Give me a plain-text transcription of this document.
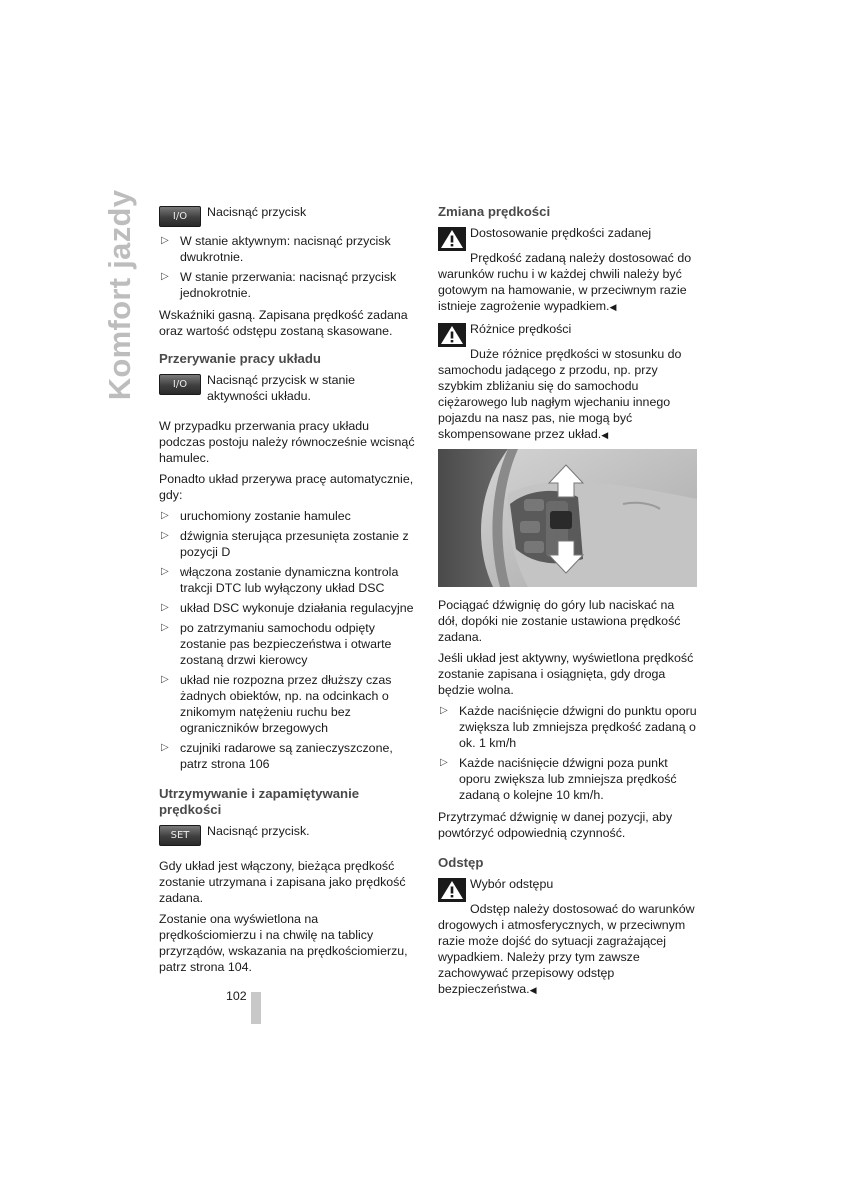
Komfort jazdy	I/O	Nacisnąć przycisk
▷ W stanie aktywnym: nacisnąć przycisk dwukrotnie.
▷ W stanie przerwania: nacisnąć przycisk jednokrotnie.

Wskaźniki gasną. Zapisana prędkość zadana oraz wartość odstępu zostaną skasowane.

Przerywanie pracy układu
I/O	Nacisnąć przycisk w stanie aktywności układu.

W przypadku przerwania pracy układu podczas postoju należy równocześnie wcisnąć hamulec.

Ponadto układ przerywa pracę automatycznie, gdy:

▷ uruchomiony zostanie hamulec
▷ dźwignia sterująca przesunięta zostanie z pozycji D
▷ włączona zostanie dynamiczna kontrola trakcji DTC lub wyłączony układ DSC
▷ układ DSC wykonuje działania regulacyjne
▷ po zatrzymaniu samochodu odpięty zostanie pas bezpieczeństwa i otwarte zostaną drzwi kierowcy
▷ układ nie rozpozna przez dłuższy czas żadnych obiektów, np. na odcinkach o znikomym natężeniu ruchu bez ograniczników brzegowych
▷ czujniki radarowe są zanieczyszczone, patrz strona 106
Utrzymywanie i zapamiętywanie prędkości
SET	Nacisnąć przycisk.

Gdy układ jest włączony, bieżąca prędkość zostanie utrzymana i zapisana jako prędkość zadana.

Zostanie ona wyświetlona na prędkościomierzu i na chwilę na tablicy przyrządów, wskazania na prędkościomierzu, patrz strona 104.

Zmiana prędkości
Dostosowanie prędkości zadanej

Prędkość zadaną należy dostosować do warunków ruchu i w każdej chwili należy być gotowym na hamowanie, w przeciwnym razie istnieje zagrożenie wypadkiem.◀

Różnice prędkości

Duże różnice prędkości w stosunku do samochodu jadącego z przodu, np. przy szybkim zbliżaniu się do samochodu ciężarowego lub nagłym wjechaniu innego pojazdu na nasz pas, nie mogą być skompensowane przez układ.◀

Pociągać dźwignię do góry lub naciskać na dół, dopóki nie zostanie ustawiona prędkość zadana.

Jeśli układ jest aktywny, wyświetlona prędkość zostanie zapisana i osiągnięta, gdy droga będzie wolna.

▷ Każde naciśnięcie dźwigni do punktu oporu zwiększa lub zmniejsza prędkość zadaną o ok. 1 km/h
▷ Każde naciśnięcie dźwigni poza punkt oporu zwiększa lub zmniejsza prędkość zadaną o kolejne 10 km/h.

Przytrzymać dźwignię w danej pozycji, aby powtórzyć odpowiednią czynność.

Odstęp
Wybór odstępu

Odstęp należy dostosować do warunków drogowych i atmosferycznych, w przeciwnym razie może dojść do sytuacji zagrażającej wypadkiem. Należy przy tym zawsze zachowywać przepisowy odstęp bezpieczeństwa.◀

102
